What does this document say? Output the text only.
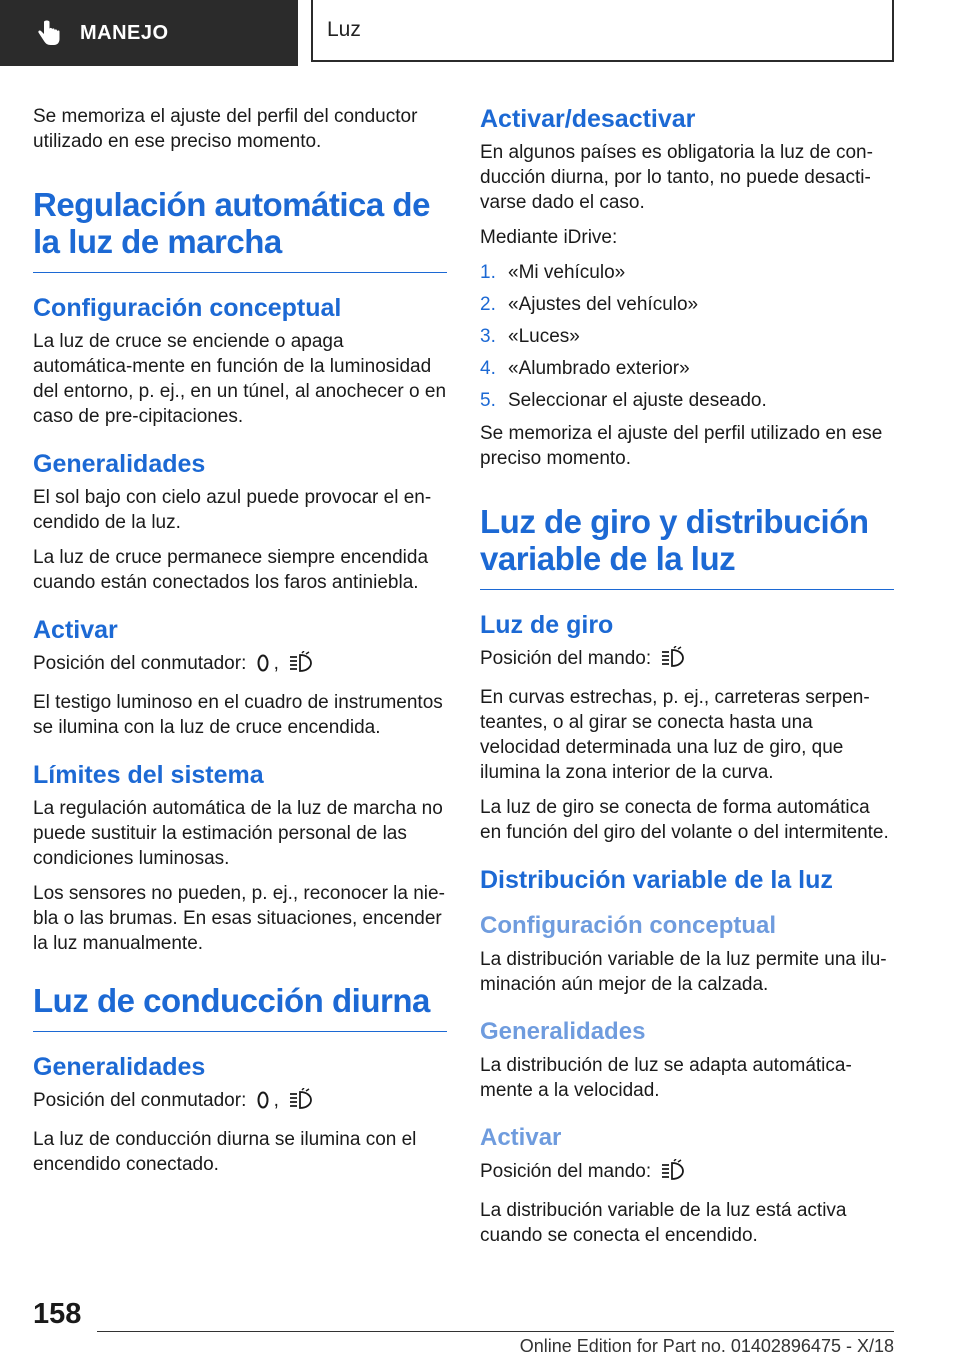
MANEJO	Luz

Se memoriza el ajuste del perfil del conductor utilizado en ese preciso momento.

Regulación automática de la luz de marcha
Configuración conceptual

La luz de cruce se enciende o apaga automática-mente en función de la luminosidad del entorno, p. ej., en un túnel, al anochecer o en caso de pre-cipitaciones.

Generalidades

El sol bajo con cielo azul puede provocar el en-cendido de la luz.

La luz de cruce permanece siempre encendida cuando están conectados los faros antiniebla.

Activar

Posición del conmutador: ,

El testigo luminoso en el cuadro de instrumentos se ilumina con la luz de cruce encendida.

Límites del sistema

La regulación automática de la luz de marcha no puede sustituir la estimación personal de las condiciones luminosas.

Los sensores no pueden, p. ej., reconocer la nie-bla o las brumas. En esas situaciones, encender la luz manualmente.

Luz de conducción diurna
Generalidades

Posición del conmutador: ,

La luz de conducción diurna se ilumina con el encendido conectado.

Activar/desactivar

En algunos países es obligatoria la luz de con-ducción diurna, por lo tanto, no puede desacti-varse dado el caso.

Mediante iDrive:

1. «Mi vehículo»
2. «Ajustes del vehículo»
3. «Luces»
4. «Alumbrado exterior»
5. Seleccionar el ajuste deseado.

Se memoriza el ajuste del perfil utilizado en ese preciso momento.

Luz de giro y distribución variable de la luz
Luz de giro

Posición del mando:

En curvas estrechas, p. ej., carreteras serpen-teantes, o al girar se conecta hasta una velocidad determinada una luz de giro, que ilumina la zona interior de la curva.

La luz de giro se conecta de forma automática en función del giro del volante o del intermitente.

Distribución variable de la luz
Configuración conceptual

La distribución variable de la luz permite una ilu-minación aún mejor de la calzada.

Generalidades

La distribución de luz se adapta automática-mente a la velocidad.

Activar

Posición del mando:

La distribución variable de la luz está activa cuando se conecta el encendido.

158
Online Edition for Part no. 01402896475 - X/18
